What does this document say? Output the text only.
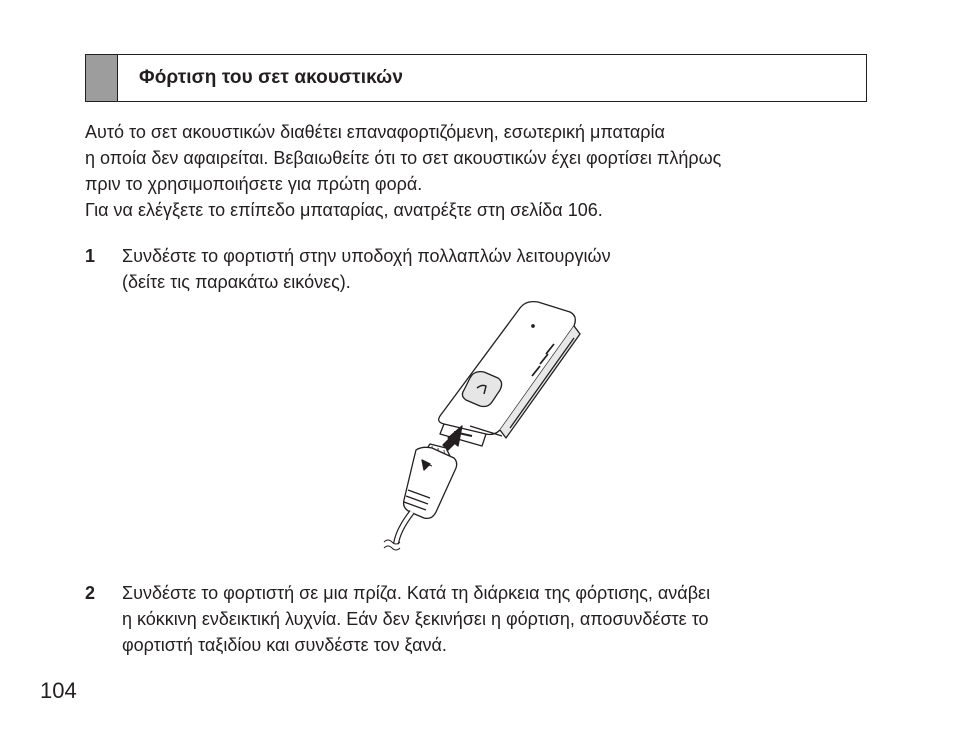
Φόρτιση του σετ ακουστικών

Αυτό το σετ ακουστικών διαθέτει επαναφορτιζόμενη, εσωτερική μπαταρία

η οποία δεν αφαιρείται. Βεβαιωθείτε ότι το σετ ακουστικών έχει φορτίσει πλήρως

πριν το χρησιμοποιήσετε για πρώτη φορά.

Για να ελέγξετε το επίπεδο μπαταρίας, ανατρέξτε στη σελίδα 106.

1	Συνδέστε το φορτιστή στην υποδοχή πολλαπλών λειτουργιών

(δείτε τις παρακάτω εικόνες).

2	Συνδέστε το φορτιστή σε μια πρίζα. Κατά τη διάρκεια της φόρτισης, ανάβει

η κόκκινη ενδεικτική λυχνία. Εάν δεν ξεκινήσει η φόρτιση, αποσυνδέστε το

φορτιστή ταξιδίου και συνδέστε τον ξανά.

104
